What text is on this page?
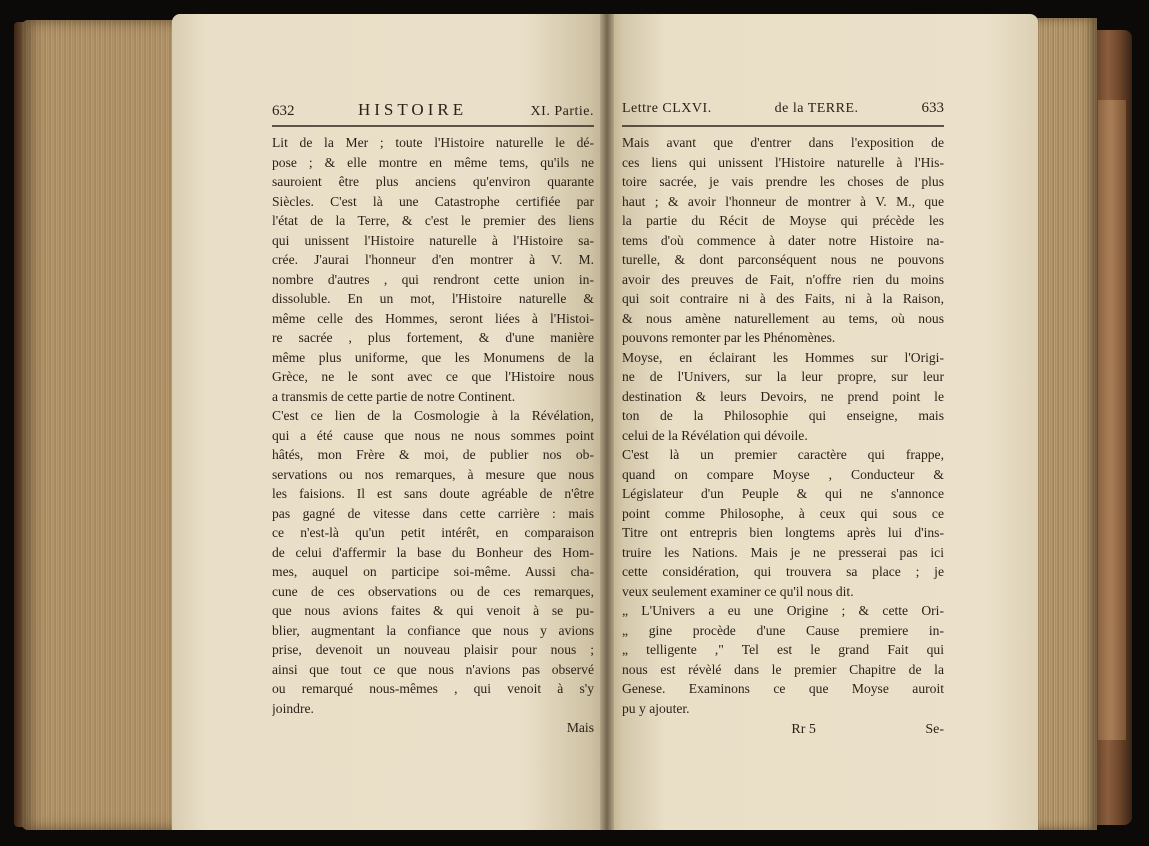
632	HISTOIRE	XI. Partie.
Lit de la Mer ; toute l'Histoire naturelle le dé-
pose ; & elle montre en même tems, qu'ils ne
sauroient être plus anciens qu'environ quarante
Siècles. C'est là une Catastrophe certifiée par
l'état de la Terre, & c'est le premier des liens
qui unissent l'Histoire naturelle à l'Histoire sa-
crée. J'aurai l'honneur d'en montrer à V. M.
nombre d'autres , qui rendront cette union in-
dissoluble. En un mot, l'Histoire naturelle &
même celle des Hommes, seront liées à l'Histoi-
re sacrée , plus fortement, & d'une manière
même plus uniforme, que les Monumens de la
Grèce, ne le sont avec ce que l'Histoire nous
a transmis de cette partie de notre Continent.
C'est ce lien de la Cosmologie à la Révélation,
qui a été cause que nous ne nous sommes point
hâtés, mon Frère & moi, de publier nos ob-
servations ou nos remarques, à mesure que nous
les faisions. Il est sans doute agréable de n'être
pas gagné de vitesse dans cette carrière : mais
ce n'est-là qu'un petit intérêt, en comparaison
de celui d'affermir la base du Bonheur des Hom-
mes, auquel on participe soi-même. Aussi cha-
cune de ces observations ou de ces remarques,
que nous avions faites & qui venoit à se pu-
blier, augmentant la confiance que nous y avions
prise, devenoit un nouveau plaisir pour nous ;
ainsi que tout ce que nous n'avions pas observé
ou remarqué nous-mêmes , qui venoit à s'y
joindre.
Mais
Lettre CLXVI.	de la TERRE.	633
Mais avant que d'entrer dans l'exposition de
ces liens qui unissent l'Histoire naturelle à l'His-
toire sacrée, je vais prendre les choses de plus
haut ; & avoir l'honneur de montrer à V. M., que
la partie du Récit de Moyse qui précède les
tems d'où commence à dater notre Histoire na-
turelle, & dont parconséquent nous ne pouvons
avoir des preuves de Fait, n'offre rien du moins
qui soit contraire ni à des Faits, ni à la Raison,
& nous amène naturellement au tems, où nous
pouvons remonter par les Phénomènes.
Moyse, en éclairant les Hommes sur l'Origi-
ne de l'Univers, sur la leur propre, sur leur
destination & leurs Devoirs, ne prend point le
ton de la Philosophie qui enseigne, mais
celui de la Révélation qui dévoile.
C'est là un premier caractère qui frappe,
quand on compare Moyse , Conducteur &
Législateur d'un Peuple & qui ne s'annonce
point comme Philosophe, à ceux qui sous ce
Titre ont entrepris bien longtems après lui d'ins-
truire les Nations. Mais je ne presserai pas ici
cette considération, qui trouvera sa place ; je
veux seulement examiner ce qu'il nous dit.
„ L'Univers a eu une Origine ; & cette Ori-
„ gine procède d'une Cause premiere in-
„ telligente ," Tel est le grand Fait qui
nous est révèlé dans le premier Chapitre de la
Genese. Examinons ce que Moyse auroit
pu y ajouter.
Rr 5	Se-
